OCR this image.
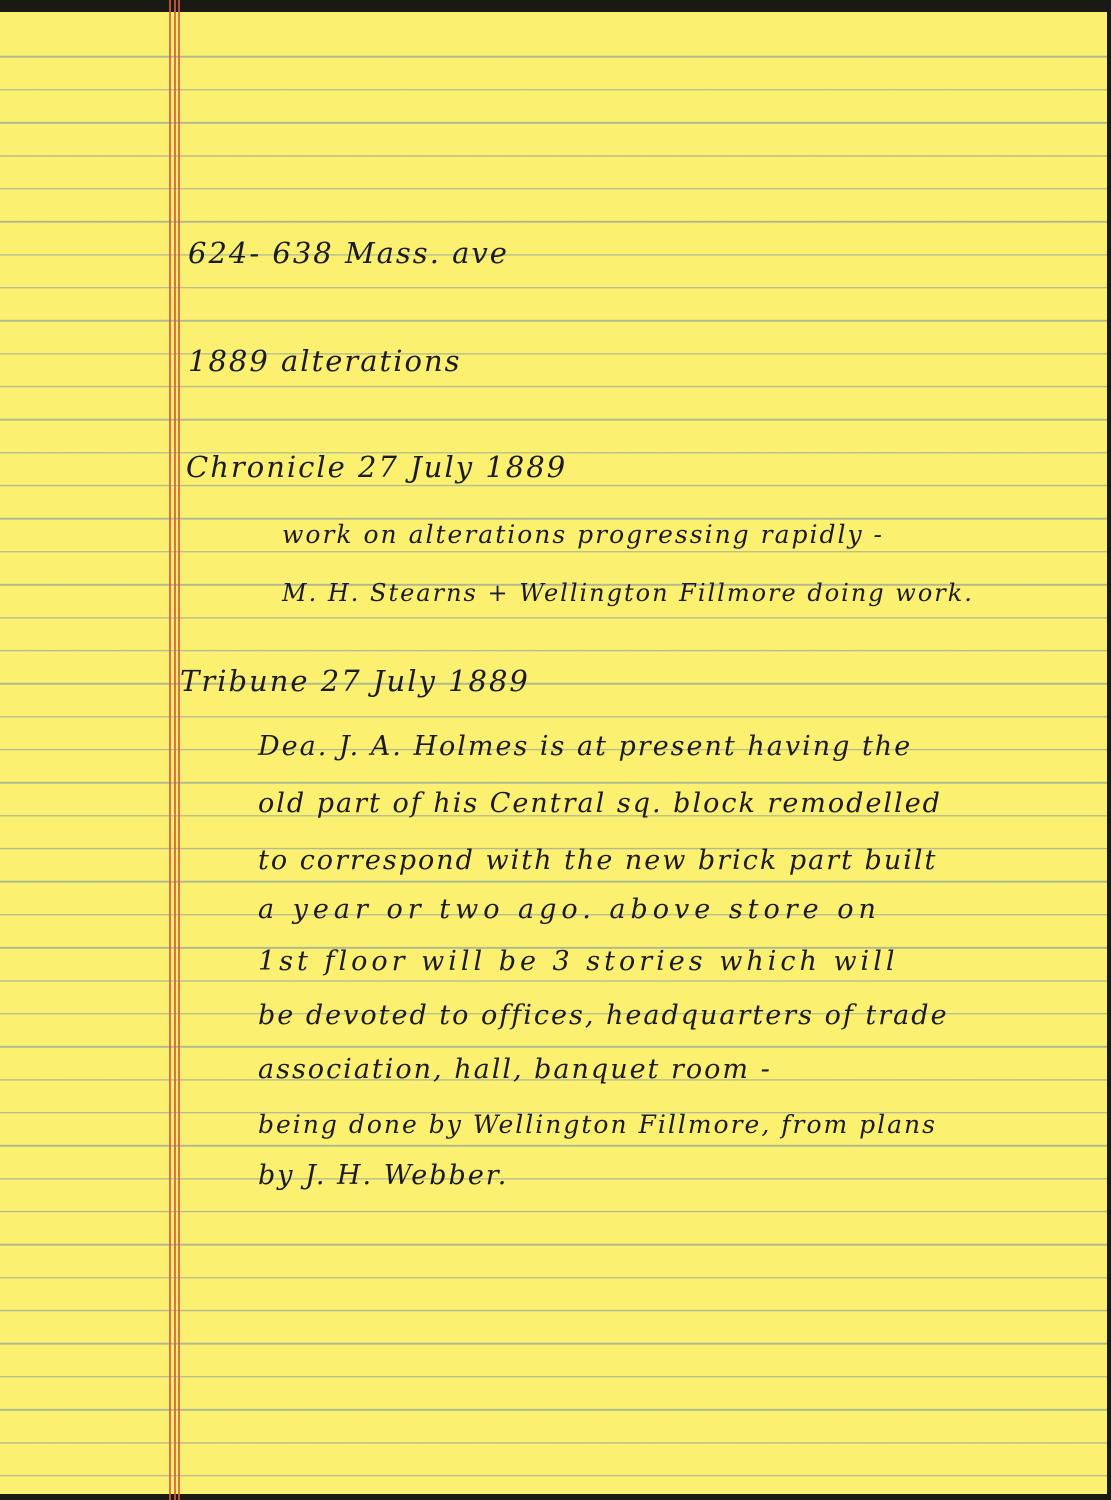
624- 638 Mass. ave

1889 alterations

Chronicle 27 July 1889

work on alterations progressing rapidly -

M. H. Stearns + Wellington Fillmore doing work.

Tribune 27 July 1889

Dea. J. A. Holmes is at present having the

old part of his Central sq. block remodelled

to correspond with the new brick part built

a year or two ago. above store on

1st floor will be 3 stories which will

be devoted to offices, headquarters of trade

association, hall, banquet room -

being done by Wellington Fillmore, from plans

by J. H. Webber.
